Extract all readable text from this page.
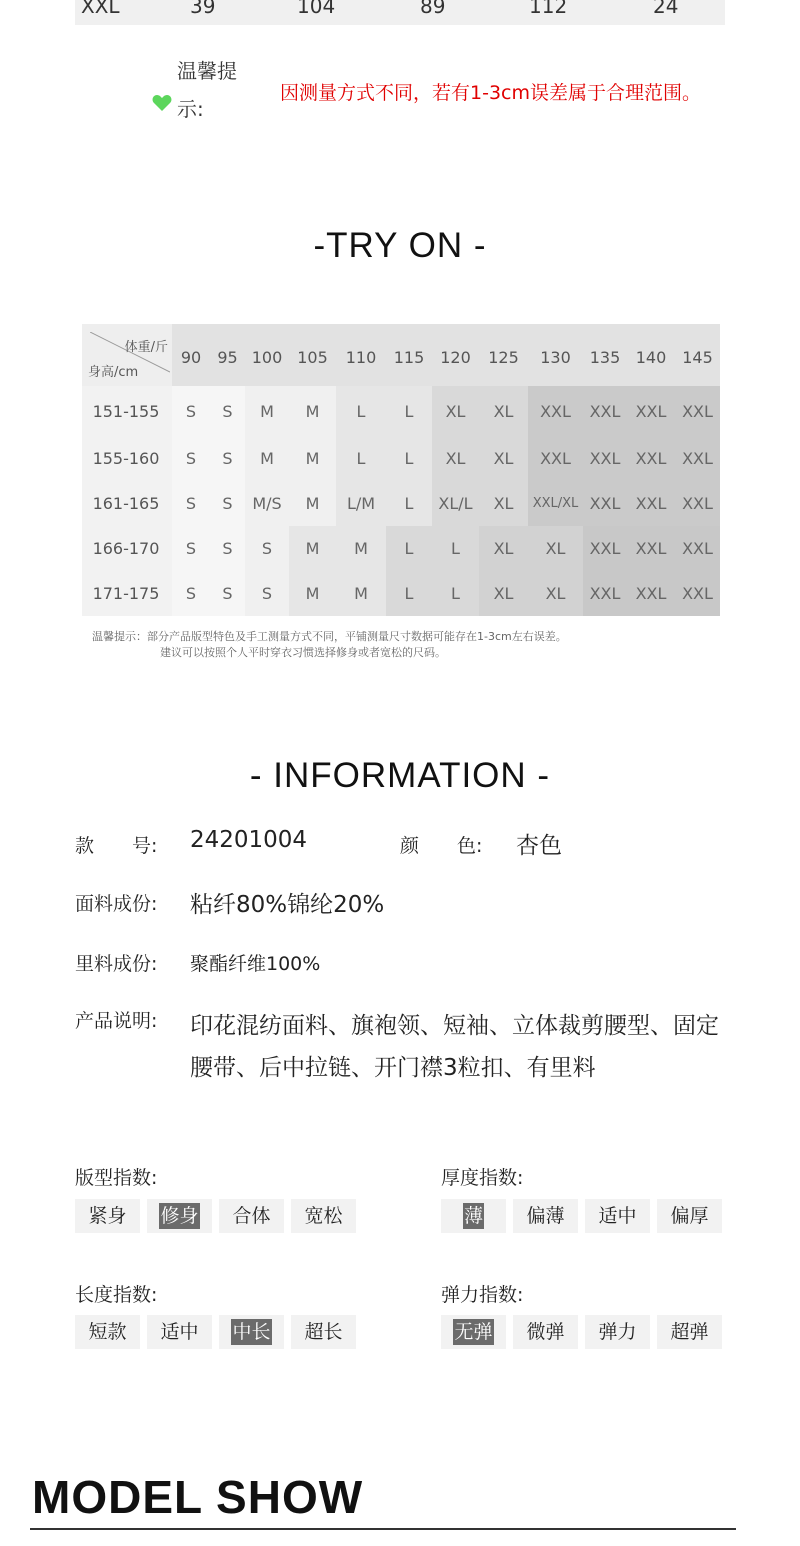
XXL	39	104	89	112	24
温馨提示:
因测量方式不同，若有1-3cm误差属于合理范围。
-TRY ON -
体重/斤
身高/cm
90	95 100 105	110	115 120	125	130	135 140 145
151-155	S	S	M	M	L	L	XL	XL	XXL	XXL XXL XXL
155-160	S	S	M	M	L	L	XL	XL	XXL	XXL XXL XXL
161-165	S	S	M/S	M	L/M	L	XL/L	XL	XXL/XL XXL XXL XXL
166-170	S	S	S	M	M	L	L	XL	XL	XXL XXL XXL
171-175	S	S	S	M	M	L	L	XL	XL	XXL XXL XXL
温馨提示：部分产品版型特色及手工测量方式不同，平铺测量尺寸数据可能存在1-3cm左右误差。
建议可以按照个人平时穿衣习惯选择修身或者宽松的尺码。
- INFORMATION -
款　　号: 24201004	颜　　色: 杏色
面料成份: 粘纤80%锦纶20%
里料成份: 聚酯纤维100%
产品说明: 印花混纺面料、旗袍领、短袖、立体裁剪腰型、固定腰带、后中拉链、开门襟3粒扣、有里料
版型指数:	厚度指数:
长度指数:	弹力指数:
紧身 修身 合体 宽松	薄 偏薄 适中 偏厚
短款 适中 中长 超长	无弹 微弹 弹力 超弹
MODEL SHOW
